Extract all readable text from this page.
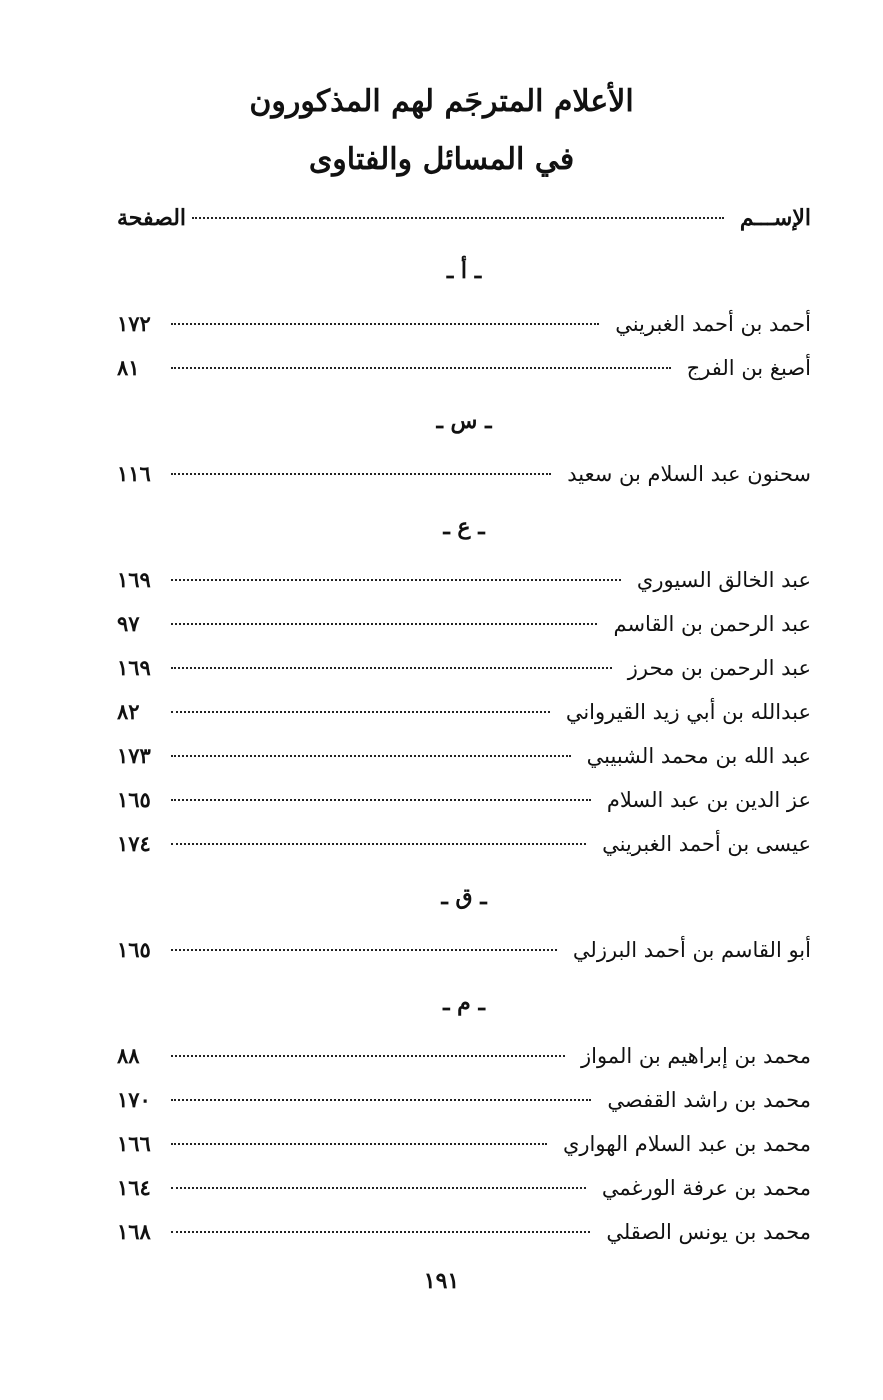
الأعلام المترجَم لهم المذكورون
في المسائل والفتاوى
الإســـم
الصفحة
ـ أ ـ
أحمد بن أحمد الغبريني
١٧٢
أصبغ بن الفرج
٨١
ـ س ـ
سحنون عبد السلام بن سعيد
١١٦
ـ ع ـ
عبد الخالق السيوري
١٦٩
عبد الرحمن بن القاسم
٩٧
عبد الرحمن بن محرز
١٦٩
عبدالله بن أبي زيد القيرواني
٨٢
عبد الله بن محمد الشبيبي
١٧٣
عز الدين بن عبد السلام
١٦٥
عيسى بن أحمد الغبريني
١٧٤
ـ ق ـ
أبو القاسم بن أحمد البرزلي
١٦٥
ـ م ـ
محمد بن إبراهيم بن المواز
٨٨
محمد بن راشد القفصي
١٧٠
محمد بن عبد السلام الهواري
١٦٦
محمد بن عرفة الورغمي
١٦٤
محمد بن يونس الصقلي
١٦٨
١٩١
